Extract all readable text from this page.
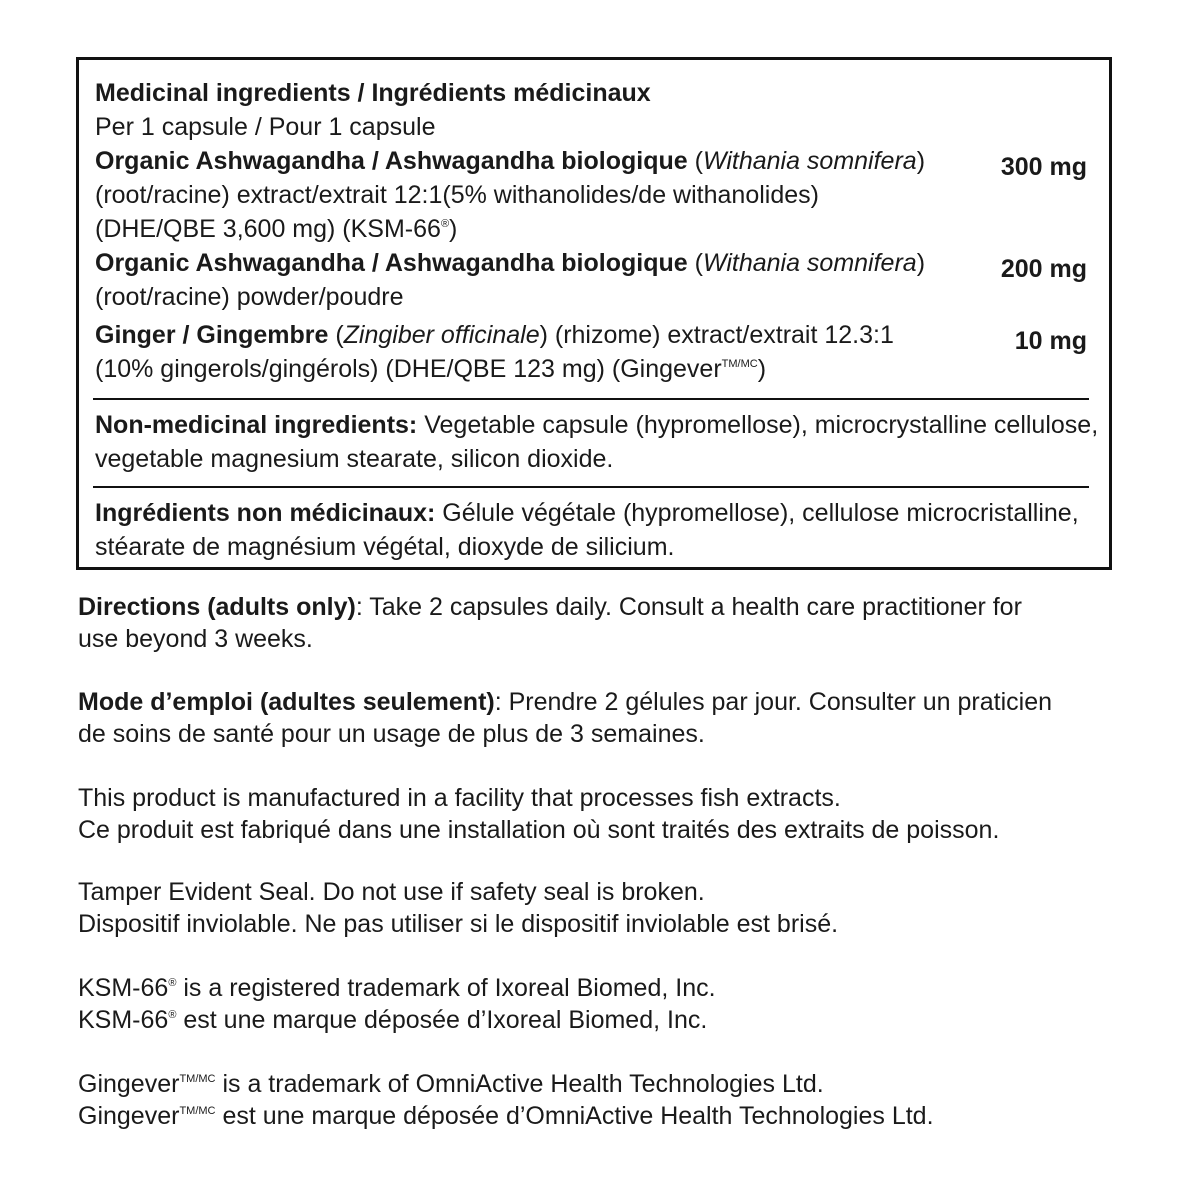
Medicinal ingredients / Ingrédients médicinaux
Per 1 capsule / Pour 1 capsule
Organic Ashwagandha / Ashwagandha biologique (Withania somnifera)
(root/racine) extract/extrait 12:1(5% withanolides/de withanolides)
(DHE/QBE 3,600 mg) (KSM-66®)
300 mg
Organic Ashwagandha / Ashwagandha biologique (Withania somnifera)
(root/racine) powder/poudre
200 mg
Ginger / Gingembre (Zingiber officinale) (rhizome) extract/extrait 12.3:1
(10% gingerols/gingérols) (DHE/QBE 123 mg) (Gingever$^{TM/MC}$)
10 mg
Non-medicinal ingredients: Vegetable capsule (hypromellose), microcrystalline cellulose,
vegetable magnesium stearate, silicon dioxide.
Ingrédients non médicinaux: Gélule végétale (hypromellose), cellulose microcristalline,
stéarate de magnésium végétal, dioxyde de silicium.
Directions (adults only): Take 2 capsules daily. Consult a health care practitioner for
use beyond 3 weeks.
Mode d’emploi (adultes seulement): Prendre 2 gélules par jour. Consulter un praticien
de soins de santé pour un usage de plus de 3 semaines.
This product is manufactured in a facility that processes fish extracts.
Ce produit est fabriqué dans une installation où sont traités des extraits de poisson.
Tamper Evident Seal. Do not use if safety seal is broken.
Dispositif inviolable. Ne pas utiliser si le dispositif inviolable est brisé.
KSM-66® is a registered trademark of Ixoreal Biomed, Inc.
KSM-66® est une marque déposée d’Ixoreal Biomed, Inc.
Gingever$^{TM/MC}$ is a trademark of OmniActive Health Technologies Ltd.
Gingever$^{TM/MC}$ est une marque déposée d’OmniActive Health Technologies Ltd.
